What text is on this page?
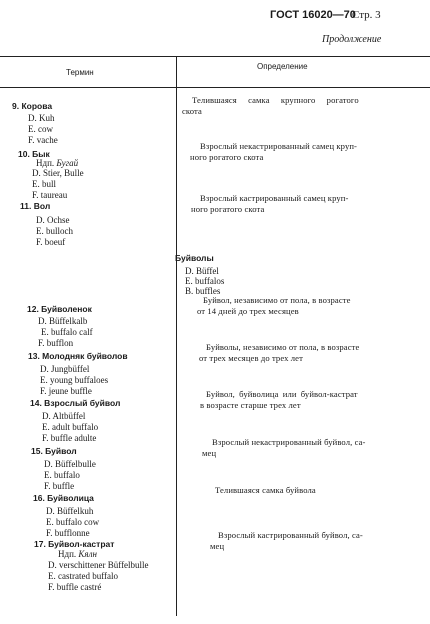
ГОСТ 16020—70
Стр. 3
Продолжение
Термин
Определение
9. Корова
D. Kuh
E. cow
F. vache
Телившаяся самка крупного рогатого
скота
10. Бык
Ндп. Бугай
D. Stier, Bulle
E. bull
F. taureau
Взрослый некастрированный самец круп-
ного рогатого скота
11. Вол
D. Ochse
E. bulloch
F. boeuf
Взрослый кастрированный самец круп-
ного рогатого скота
Буйволы
D. Büffel
E. buffalos
B. buffles
12. Буйволенок
D. Büffelkalb
E. buffalo calf
F. bufflon
Буйвол, независимо от пола, в возрасте
от 14 дней до трех месяцев
13. Молодняк буйволов
D. Jungbüffel
E. young buffaloes
F. jeune buffle
Буйволы, независимо от пола, в возрасте
от трех месяцев до трех лет
14. Взрослый буйвол
D. Altbüffel
E. adult buffalo
F. buffle adulte
Буйвол, буйволица или буйвол-кастрат
в возрасте старше трех лет
15. Буйвол
D. Büffelbulle
E. buffalo
F. buffle
Взрослый некастрированный буйвол, са-
мец
16. Буйволица
D. Büffelkuh
E. buffalo cow
F. bufflonne
Телившаяся самка буйвола
17. Буйвол-кастрат
Ндп. Кялн
D. verschittener Büffelbulle
E. castrated buffalo
F. buffle castré
Взрослый кастрированный буйвол, са-
мец
